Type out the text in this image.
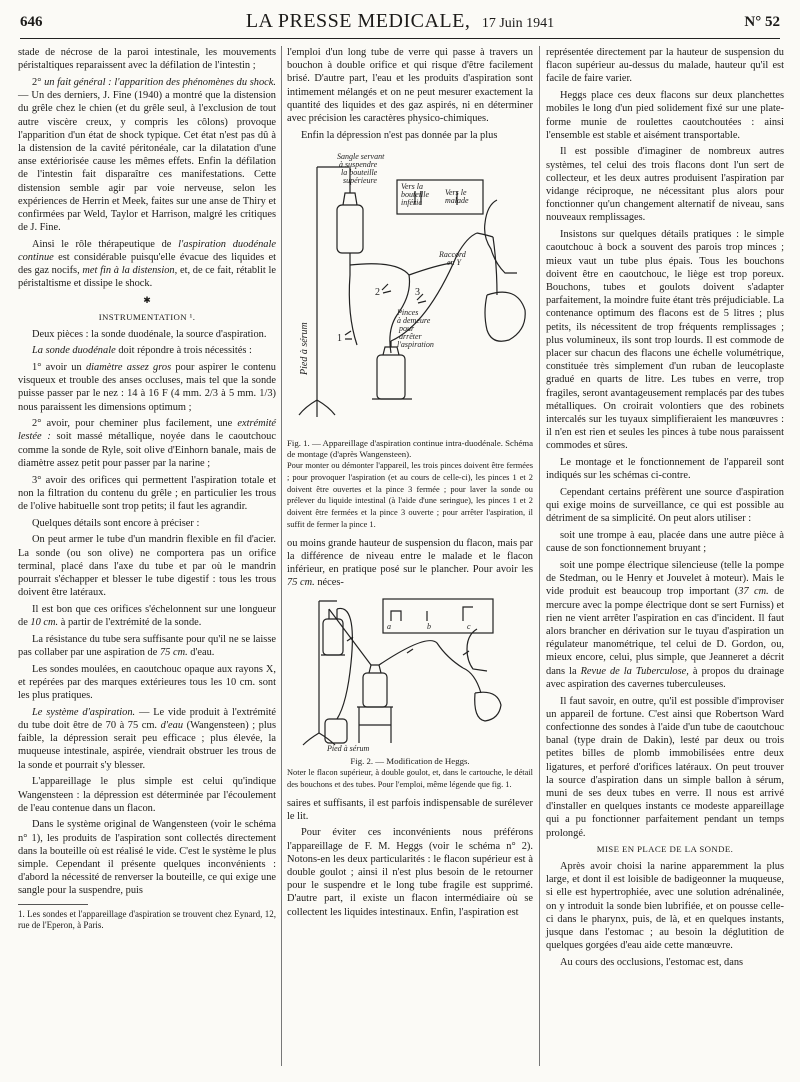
646	LA PRESSE MEDICALE, 17 Juin 1941	N° 52

stade de nécrose de la paroi intestinale, les mouvements péristaltiques reparaissent avec la défilation de l'intestin ;

2° un fait général : l'apparition des phénomènes du shock. — Un des derniers, J. Fine (1940) a montré que la distension du grêle chez le chien (et du grêle seul, à l'exclusion de tout autre viscère creux, y compris les côlons) provoque l'apparition d'un état de shock typique. Cet état n'est pas dû à la distension de la cavité péritonéale, car la dilatation d'une anse extériorisée cause les mêmes effets. Enfin la défilation de l'intestin fait disparaître ces manifestations. Cette distension semble agir par voie nerveuse, selon les expériences de Herrin et Meek, faites sur une anse de Thiry et confirmées par Weld, Taylor et Harrison, malgré les critiques de J. Fine.

Ainsi le rôle thérapeutique de l'aspiration duodénale continue est considérable puisqu'elle évacue des liquides et des gaz nocifs, met fin à la distension, et, de ce fait, rétablit le péristaltisme et dissipe le shock.

✱

INSTRUMENTATION ¹.

Deux pièces : la sonde duodénale, la source d'aspiration.

La sonde duodénale doit répondre à trois nécessités :

1° avoir un diamètre assez gros pour aspirer le contenu visqueux et trouble des anses occluses, mais tel que la sonde puisse passer par le nez : 14 à 16 F (4 mm. 2/3 à 5 mm. 1/3) nous paraissent les dimensions optimum ;

2° avoir, pour cheminer plus facilement, une extrémité lestée : soit massé métallique, noyée dans le caoutchouc comme la sonde de Ryle, soit olive d'Einhorn banale, mais de diamètre assez petit pour passer par la narine ;

3° avoir des orifices qui permettent l'aspiration totale et non la filtration du contenu du grêle ; en particulier les trous de l'olive habituelle sont trop petits; il faut les agrandir.

Quelques détails sont encore à préciser :

On peut armer le tube d'un mandrin flexible en fil d'acier. La sonde (ou son olive) ne comportera pas un orifice terminal, placé dans l'axe du tube et par où le mandrin pourrait s'échapper et blesser le tube digestif : tous les trous doivent être latéraux.

Il est bon que ces orifices s'échelonnent sur une longueur de 10 cm. à partir de l'extrémité de la sonde.

La résistance du tube sera suffisante pour qu'il ne se laisse pas collaber par une aspiration de 75 cm. d'eau.

Les sondes moulées, en caoutchouc opaque aux rayons X, et repérées par des marques extérieures tous les 10 cm. sont les plus pratiques.

Le système d'aspiration. — Le vide produit à l'extrémité du tube doit être de 70 à 75 cm. d'eau (Wangensteen) ; plus faible, la dépression serait peu efficace ; plus élevée, la muqueuse intestinale, aspirée, viendrait obstruer les trous de la sonde et pourrait s'y blesser.

L'appareillage le plus simple est celui qu'indique Wangensteen : la dépression est déterminée par l'écoulement de l'eau contenue dans un flacon.

Dans le système original de Wangensteen (voir le schéma n° 1), les produits de l'aspiration sont collectés directement dans la bouteille où est réalisé le vide. C'est le système le plus simple. Cependant il présente quelques inconvénients : d'abord la nécessité de renverser la bouteille, ce qui exige une sangle pour la suspendre, puis

1. Les sondes et l'appareillage d'aspiration se trouvent chez Eynard, 12, rue de l'Eperon, à Paris.

l'emploi d'un long tube de verre qui passe à travers un bouchon à double orifice et qui risque d'être facilement brisé. D'autre part, l'eau et les produits d'aspiration sont intimement mélangés et on ne peut mesurer exactement la quantité des liquides et des gaz aspirés, ni en déterminer avec précision les caractères physico-chimiques.

Enfin la dépression n'est pas donnée par la plus

Sangle servant à suspendre la bouteille supérieure
Vers la bouteille inférie
Vers le malade
Raccord en Y
Pinces à demeure pour arrêter l'aspiration
Pied à sérum
2
1
3
Fig. 1. — Appareillage d'aspiration continue intra-duodénale. Schéma de montage (d'après Wangensteen).
Pour monter ou démonter l'appareil, les trois pinces doivent être fermées ; pour provoquer l'aspiration (et au cours de celle-ci), les pinces 1 et 2 doivent être ouvertes et la pince 3 fermée ; pour laver la sonde ou prélever du liquide intestinal (à l'aide d'une seringue), les pinces 1 et 2 doivent être fermées et la pince 3 ouverte ; pour arrêter l'aspiration, il suffit de fermer la pince 1.

ou moins grande hauteur de suspension du flacon, mais par la différence de niveau entre le malade et le flacon inférieur, en pratique posé sur le plancher. Pour avoir les 75 cm. néces-

Pied à sérum
a	b	c
Fig. 2. — Modification de Heggs.
Noter le flacon supérieur, à double goulot, et, dans le cartouche, le détail des bouchons et des tubes. Pour l'emploi, même légende que fig. 1.

saires et suffisants, il est parfois indispensable de surélever le lit.

Pour éviter ces inconvénients nous préférons l'appareillage de F. M. Heggs (voir le schéma n° 2). Notons-en les deux particularités : le flacon supérieur est à double goulot ; ainsi il n'est plus besoin de le retourner pour le suspendre et le long tube fragile est supprimé. D'autre part, il existe un flacon intermédiaire où se collectent les liquides intestinaux. Enfin, l'aspiration est

représentée directement par la hauteur de suspension du flacon supérieur au-dessus du malade, hauteur qu'il est facile de faire varier.

Heggs place ces deux flacons sur deux planchettes mobiles le long d'un pied solidement fixé sur une plate-forme munie de roulettes caoutchoutées : ainsi l'ensemble est stable et aisément transportable.

Il est possible d'imaginer de nombreux autres systèmes, tel celui des trois flacons dont l'un sert de collecteur, et les deux autres produisent l'aspiration par vidange réciproque, ne nécessitant plus alors pour fonctionner qu'un changement alternatif de niveau, sans nouveaux remplissages.

Insistons sur quelques détails pratiques : le simple caoutchouc à bock a souvent des parois trop minces ; mieux vaut un tube plus épais. Tous les bouchons doivent être en caoutchouc, le liège est trop poreux. Bouchons, tubes et goulots doivent s'adapter parfaitement, la moindre fuite étant très préjudiciable. La contenance optimum des flacons est de 5 litres ; plus petits, ils nécessitent de trop fréquents remplissages ; plus volumineux, ils sont trop lourds. Il est commode de placer sur chacun des flacons une échelle volumétrique, constituée très simplement d'un ruban de leucoplaste gradué en quarts de litre. Les tubes en verre, trop fragiles, seront avantageusement remplacés par des tubes métalliques. On croirait volontiers que des robinets intercalés sur les tuyaux simplifieraient les manœuvres : il n'en est rien et seules les pinces à tube nous paraissent commodes et sûres.

Le montage et le fonctionnement de l'appareil sont indiqués sur les schémas ci-contre.

Cependant certains préfèrent une source d'aspiration qui exige moins de surveillance, ce qui est possible au détriment de sa simplicité. On peut alors utiliser :

soit une trompe à eau, placée dans une autre pièce à cause de son fonctionnement bruyant ;

soit une pompe électrique silencieuse (telle la pompe de Stedman, ou le Henry et Jouvelet à moteur). Mais le vide produit est beaucoup trop important (37 cm. de mercure avec la pompe électrique dont se sert Furniss) et rien ne vient arrêter l'aspiration en cas d'incident. Il faut alors brancher en dérivation sur le tuyau d'aspiration un régulateur manométrique, tel celui de D. Gordon, ou, mieux encore, celui, plus simple, que Jeanneret a décrit dans la Revue de la Tuberculose, à propos du drainage avec aspiration des cavernes tuberculeuses.

Il faut savoir, en outre, qu'il est possible d'improviser un appareil de fortune. C'est ainsi que Robertson Ward confectionne des sondes à l'aide d'un tube de caoutchouc banal (type drain de Dakin), lesté par deux ou trois petites billes de plomb immobilisées entre deux ligatures, et perforé d'orifices latéraux. On peut trouver la source d'aspiration dans un simple ballon à sérum, muni de ses deux tubes en verre. Il nous est arrivé d'installer en quelques instants ce modeste appareillage qui a pu fonctionner parfaitement pendant un temps prolongé.

MISE EN PLACE DE LA SONDE.

Après avoir choisi la narine apparemment la plus large, et dont il est loisible de badigeonner la muqueuse, si elle est hypertrophiée, avec une solution adrénalinée, on y introduit la sonde bien lubrifiée, et on pousse celle-ci dans le pharynx, puis, de là, et en quelques instants, jusque dans l'estomac ; au besoin la déglutition de quelques gorgées d'eau aide cette manœuvre.

Au cours des occlusions, l'estomac est, dans
